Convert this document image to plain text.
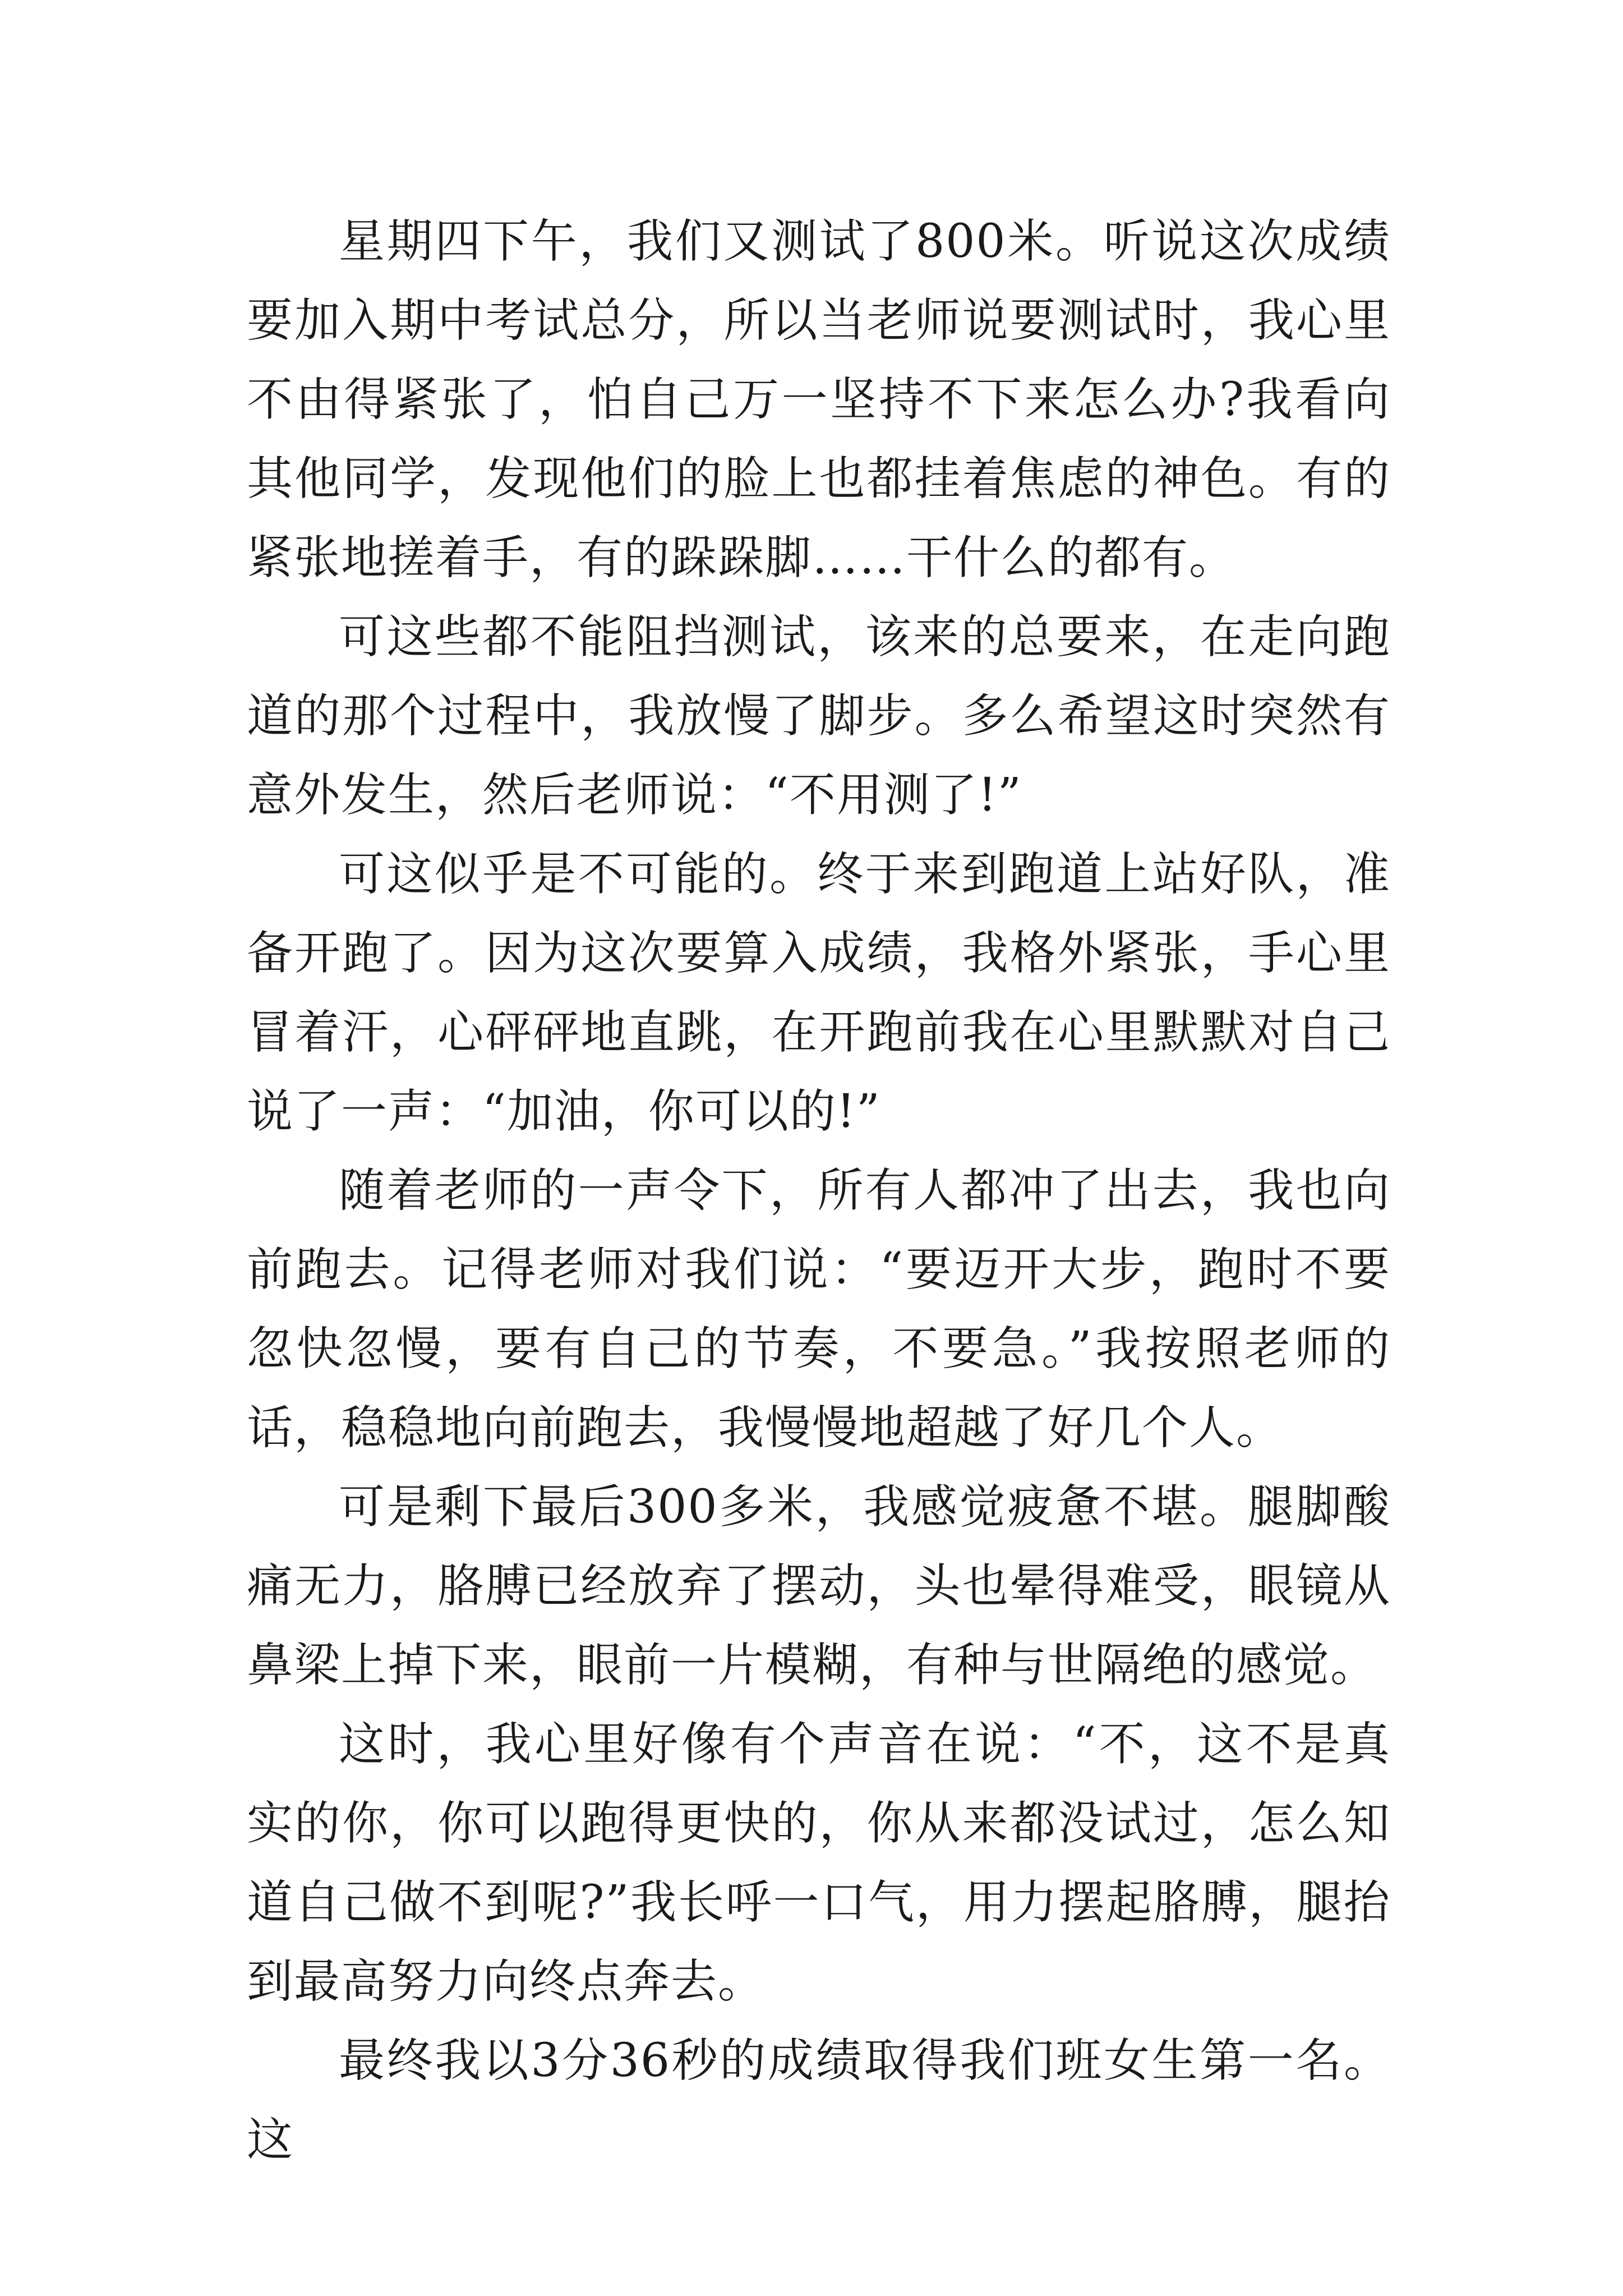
星期四下午，我们又测试了800米。听说这次成绩要加入期中考试总分，所以当老师说要测试时，我心里不由得紧张了，怕自己万一坚持不下来怎么办?我看向其他同学，发现他们的脸上也都挂着焦虑的神色。有的紧张地搓着手，有的跺跺脚……干什么的都有。

可这些都不能阻挡测试，该来的总要来，在走向跑道的那个过程中，我放慢了脚步。多么希望这时突然有意外发生，然后老师说：“不用测了!”

可这似乎是不可能的。终于来到跑道上站好队，准备开跑了。因为这次要算入成绩，我格外紧张，手心里冒着汗，心砰砰地直跳，在开跑前我在心里默默对自己说了一声：“加油，你可以的!”

随着老师的一声令下，所有人都冲了出去，我也向前跑去。记得老师对我们说：“要迈开大步，跑时不要忽快忽慢，要有自己的节奏，不要急。”我按照老师的话，稳稳地向前跑去，我慢慢地超越了好几个人。

可是剩下最后300多米，我感觉疲惫不堪。腿脚酸痛无力，胳膊已经放弃了摆动，头也晕得难受，眼镜从鼻梁上掉下来，眼前一片模糊，有种与世隔绝的感觉。

这时，我心里好像有个声音在说：“不，这不是真实的你，你可以跑得更快的，你从来都没试过，怎么知道自己做不到呢?”我长呼一口气，用力摆起胳膊，腿抬到最高努力向终点奔去。

最终我以3分36秒的成绩取得我们班女生第一名。这
